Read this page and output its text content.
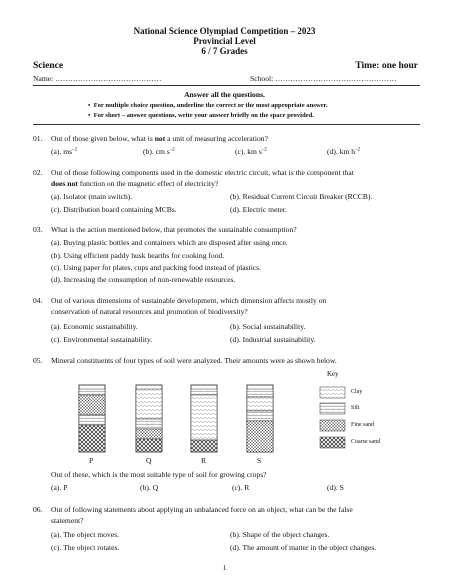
National Science Olympiad Competition – 2023
Provincial Level
6 / 7 Grades
Science	Time: one hour
Name: ……………………………………	School: …………………………………………
Answer all the questions.
•  For multiple choice question, underline the correct or the most appropriate answer.
•  For short – answer questions, write your answer briefly on the space provided.
01. Out of those given below, what is not a unit of measuring acceleration?
(a). $ms^{-2}$	(b). cm $s^{-2}$	(c). km $s^{-2}$	(d). km $h^{-2}$
02. Out of those following components used in the domestic electric circuit, what is the component that
does not function on the magnetic effect of electricity?
(a). Isolator (main switch).	(b). Residual Current Circuit Breaker (RCCB).
(c). Distribution board containing MCBs.	(d). Electric meter.
03. What is the action mentioned below, that promotes the sustainable consumption?
(a). Buying plastic bottles and containers which are disposed after using once.
(b). Using efficient paddy husk hearths for cooking food.
(c). Using paper for plates, cups and packing food instead of plastics.
(d). Increasing the consumption of non-renewable resources.
04. Out of various dimensions of sustainable development, which dimension affects mostly on
conservation of natural resources and promotion of biodiversity?
(a). Economic sustainability.	(b). Social sustainability.
(c). Environmental sustainability.	(d). Industrial sustainability.
05. Mineral constituents of four types of soil were analyzed. Their amounts were as shown below.
Key
Clay
Silt
Fine sand
Coarse sand
P	Q	R	S
Out of these, which is the most suitable type of soil for growing crops?
(a). P	(b). Q	(c). R	(d). S
06. Out of following statements about applying an unbalanced force on an object, what can be the false
statement?
(a). The object moves.	(b). Shape of the object changes.
(c). The object rotates.	(d). The amount of matter in the object changes.
1
